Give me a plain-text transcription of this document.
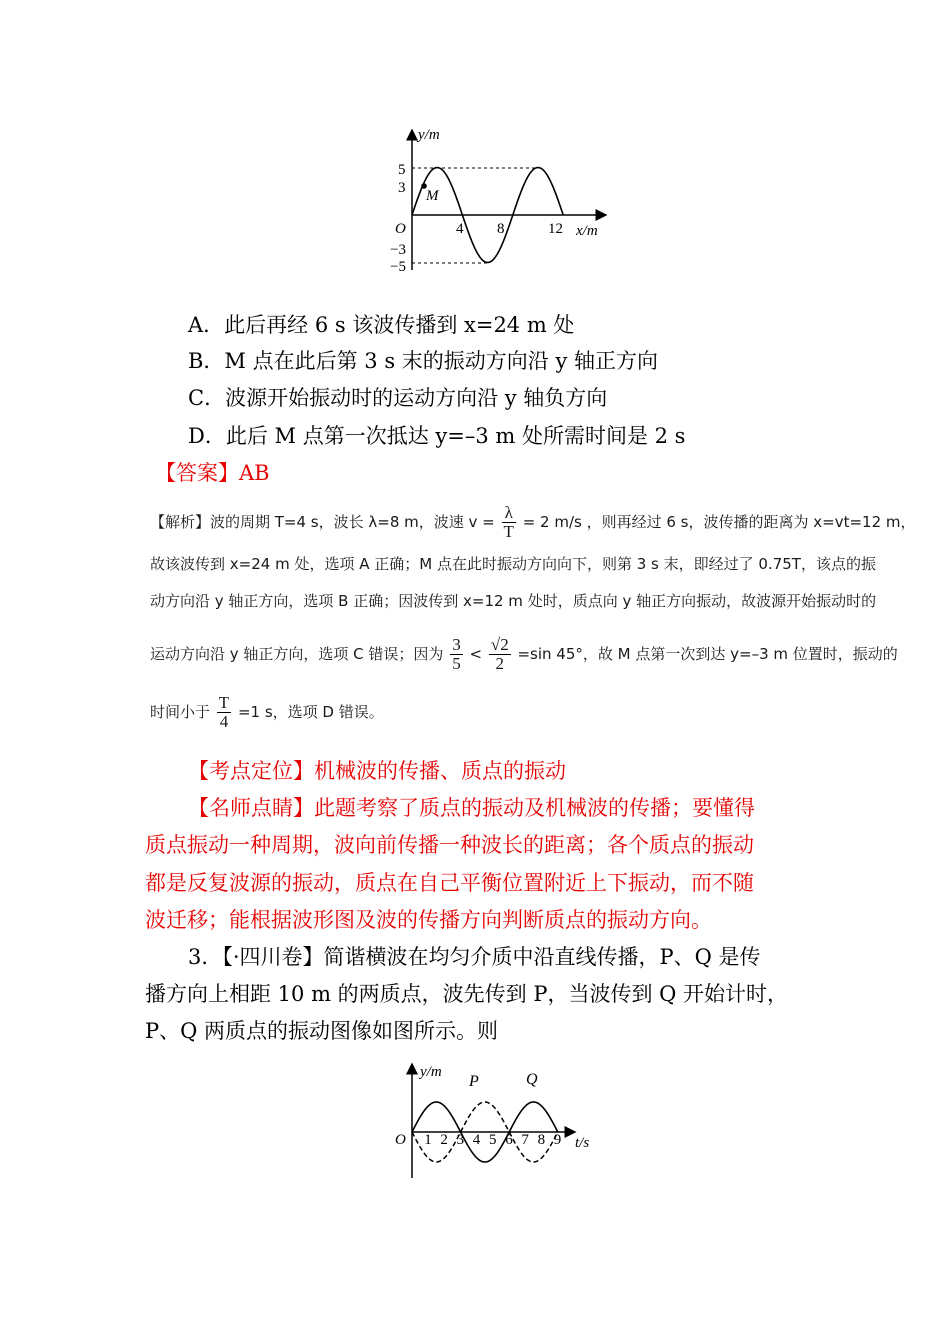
y/m
x/m
O
5
3
−3
−5
4 8	12
M
A．此后再经 6 s 该波传播到 x=24 m 处
B．M 点在此后第 3 s 末的振动方向沿 y 轴正方向
C．波源开始振动时的运动方向沿 y 轴负方向
D．此后 M 点第一次抵达 y=–3 m 处所需时间是 2 s
【答案】AB
【解析】波的周期 T=4 s，波长 λ=8 m，波速 $v = \frac{\lambda}{T} = 2$ m/s ，则再经过 6 s，波传播的距离为 x=vt=12 m，
故该波传到 x=24 m 处，选项 A 正确；M 点在此时振动方向向下，则第 3 s 末，即经过了 0.75T，该点的振
动方向沿 y 轴正方向，选项 B 正确；因波传到 x=12 m 处时，质点向 y 轴正方向振动，故波源开始振动时的
运动方向沿 y 轴正方向，选项 C 错误；因为 $\frac{3}{5} < \frac{√2}{2} =\sin$ 45°，故 M 点第一次到达 y=–3 m 位置时，振动的
时间小于 $\frac{T}{4} =1$ s，选项 D 错误。
【考点定位】机械波的传播、质点的振动
【名师点睛】此题考察了质点的振动及机械波的传播；要懂得
质点振动一种周期，波向前传播一种波长的距离；各个质点的振动
都是反复波源的振动，质点在自己平衡位置附近上下振动，而不随
波迁移；能根据波形图及波的传播方向判断质点的振动方向。
3．【·四川卷】简谐横波在均匀介质中沿直线传播，P、Q 是传
播方向上相距 10 m 的两质点，波先传到 P，当波传到 Q 开始计时，
P、Q 两质点的振动图像如图所示。则
y/m
t/s
O 1 2 3 4 5 6 7 8 9
P	Q
